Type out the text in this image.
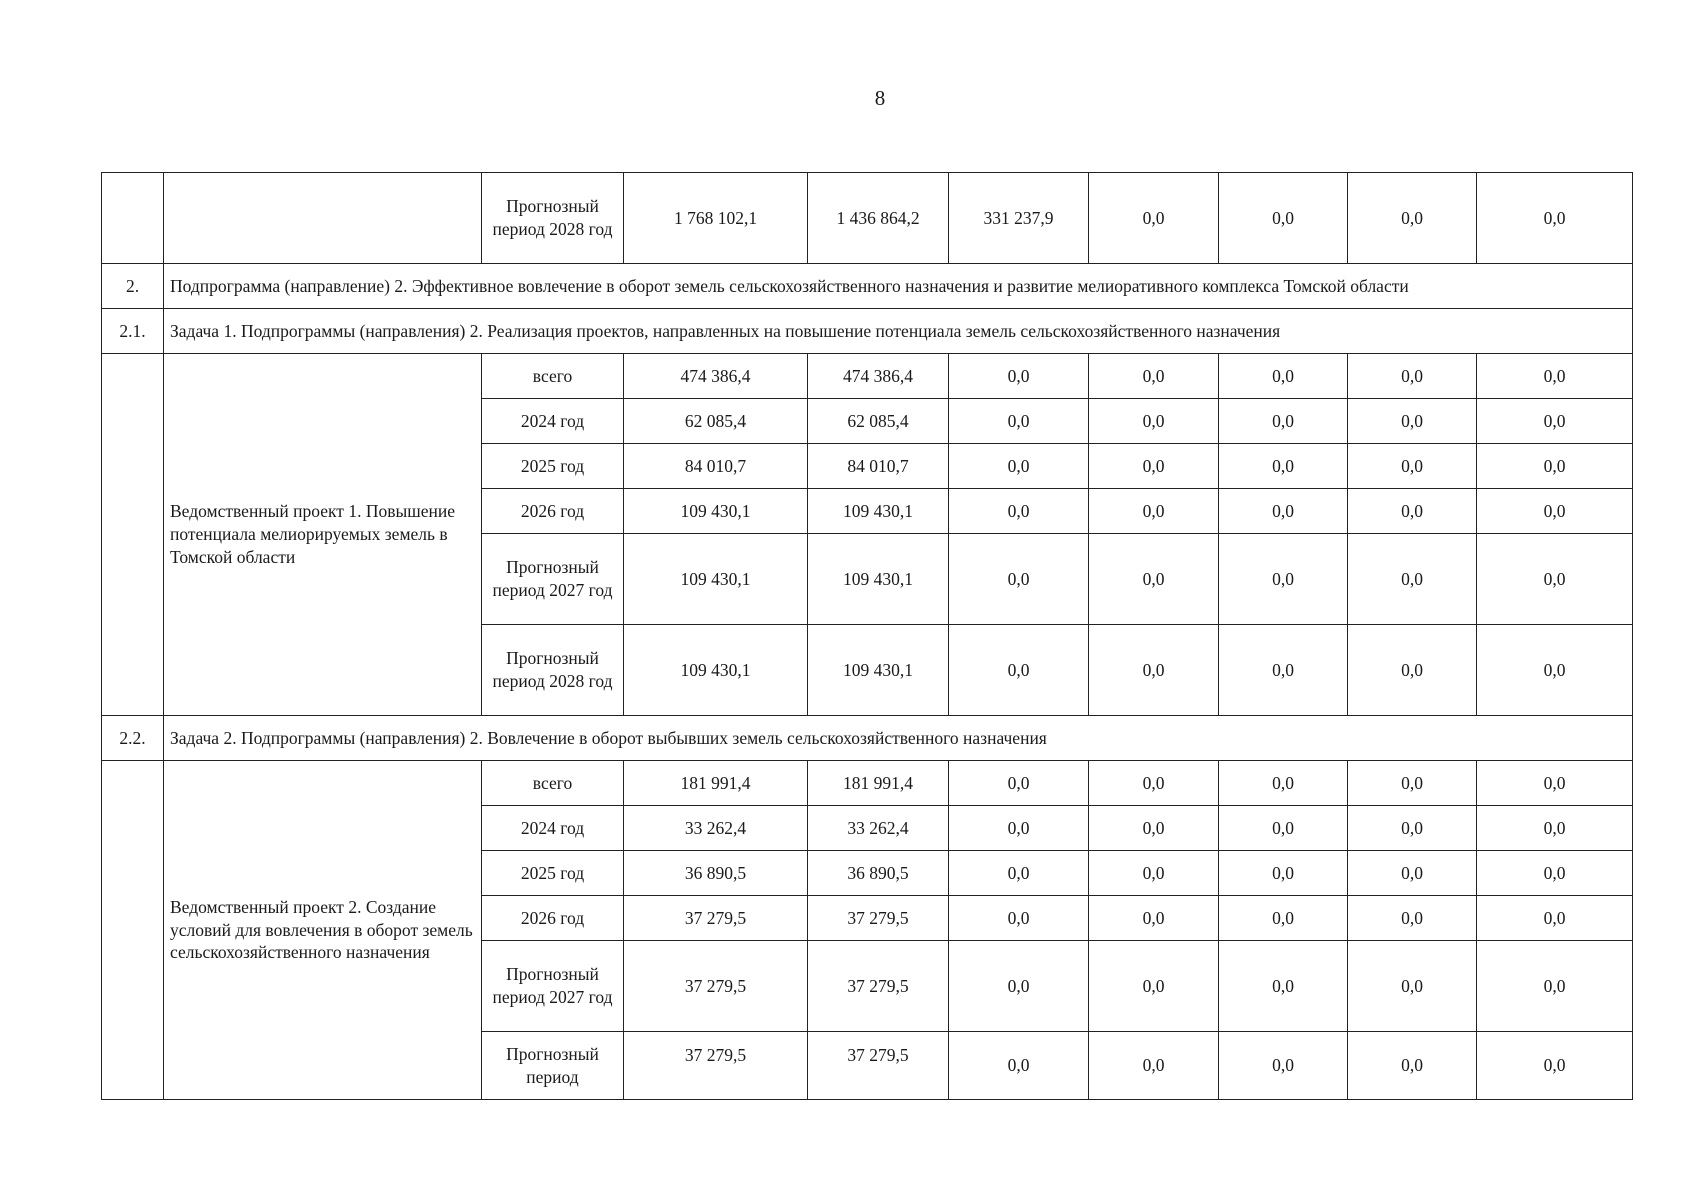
8
		Прогнозный период 2028 год	1 768 102,1	1 436 864,2	331 237,9	0,0	0,0	0,0	0,0
2.	Подпрограмма (направление) 2. Эффективное вовлечение в оборот земель сельскохозяйственного назначения и развитие мелиоративного комплекса Томской области								
2.1.	Задача 1. Подпрограммы (направления) 2. Реализация проектов, направленных на повышение потенциала земель сельскохозяйственного назначения								
	Ведомственный проект 1. Повышение потенциала мелиорируемых земель в Томской области	всего	474 386,4	474 386,4	0,0	0,0	0,0	0,0	0,0
		2024 год	62 085,4	62 085,4	0,0	0,0	0,0	0,0	0,0
		2025 год	84 010,7	84 010,7	0,0	0,0	0,0	0,0	0,0
		2026 год	109 430,1	109 430,1	0,0	0,0	0,0	0,0	0,0
		Прогнозный период 2027 год	109 430,1	109 430,1	0,0	0,0	0,0	0,0	0,0
		Прогнозный период 2028 год	109 430,1	109 430,1	0,0	0,0	0,0	0,0	0,0
2.2.	Задача 2. Подпрограммы (направления) 2. Вовлечение в оборот выбывших земель сельскохозяйственного назначения								
	Ведомственный проект 2. Создание условий для вовлечения в оборот земель сельскохозяйственного назначения	всего	181 991,4	181 991,4	0,0	0,0	0,0	0,0	0,0
		2024 год	33 262,4	33 262,4	0,0	0,0	0,0	0,0	0,0
		2025 год	36 890,5	36 890,5	0,0	0,0	0,0	0,0	0,0
		2026 год	37 279,5	37 279,5	0,0	0,0	0,0	0,0	0,0
		Прогнозный период 2027 год	37 279,5	37 279,5	0,0	0,0	0,0	0,0	0,0
		Прогнозный период	37 279,5	37 279,5	0,0	0,0	0,0	0,0	0,0
